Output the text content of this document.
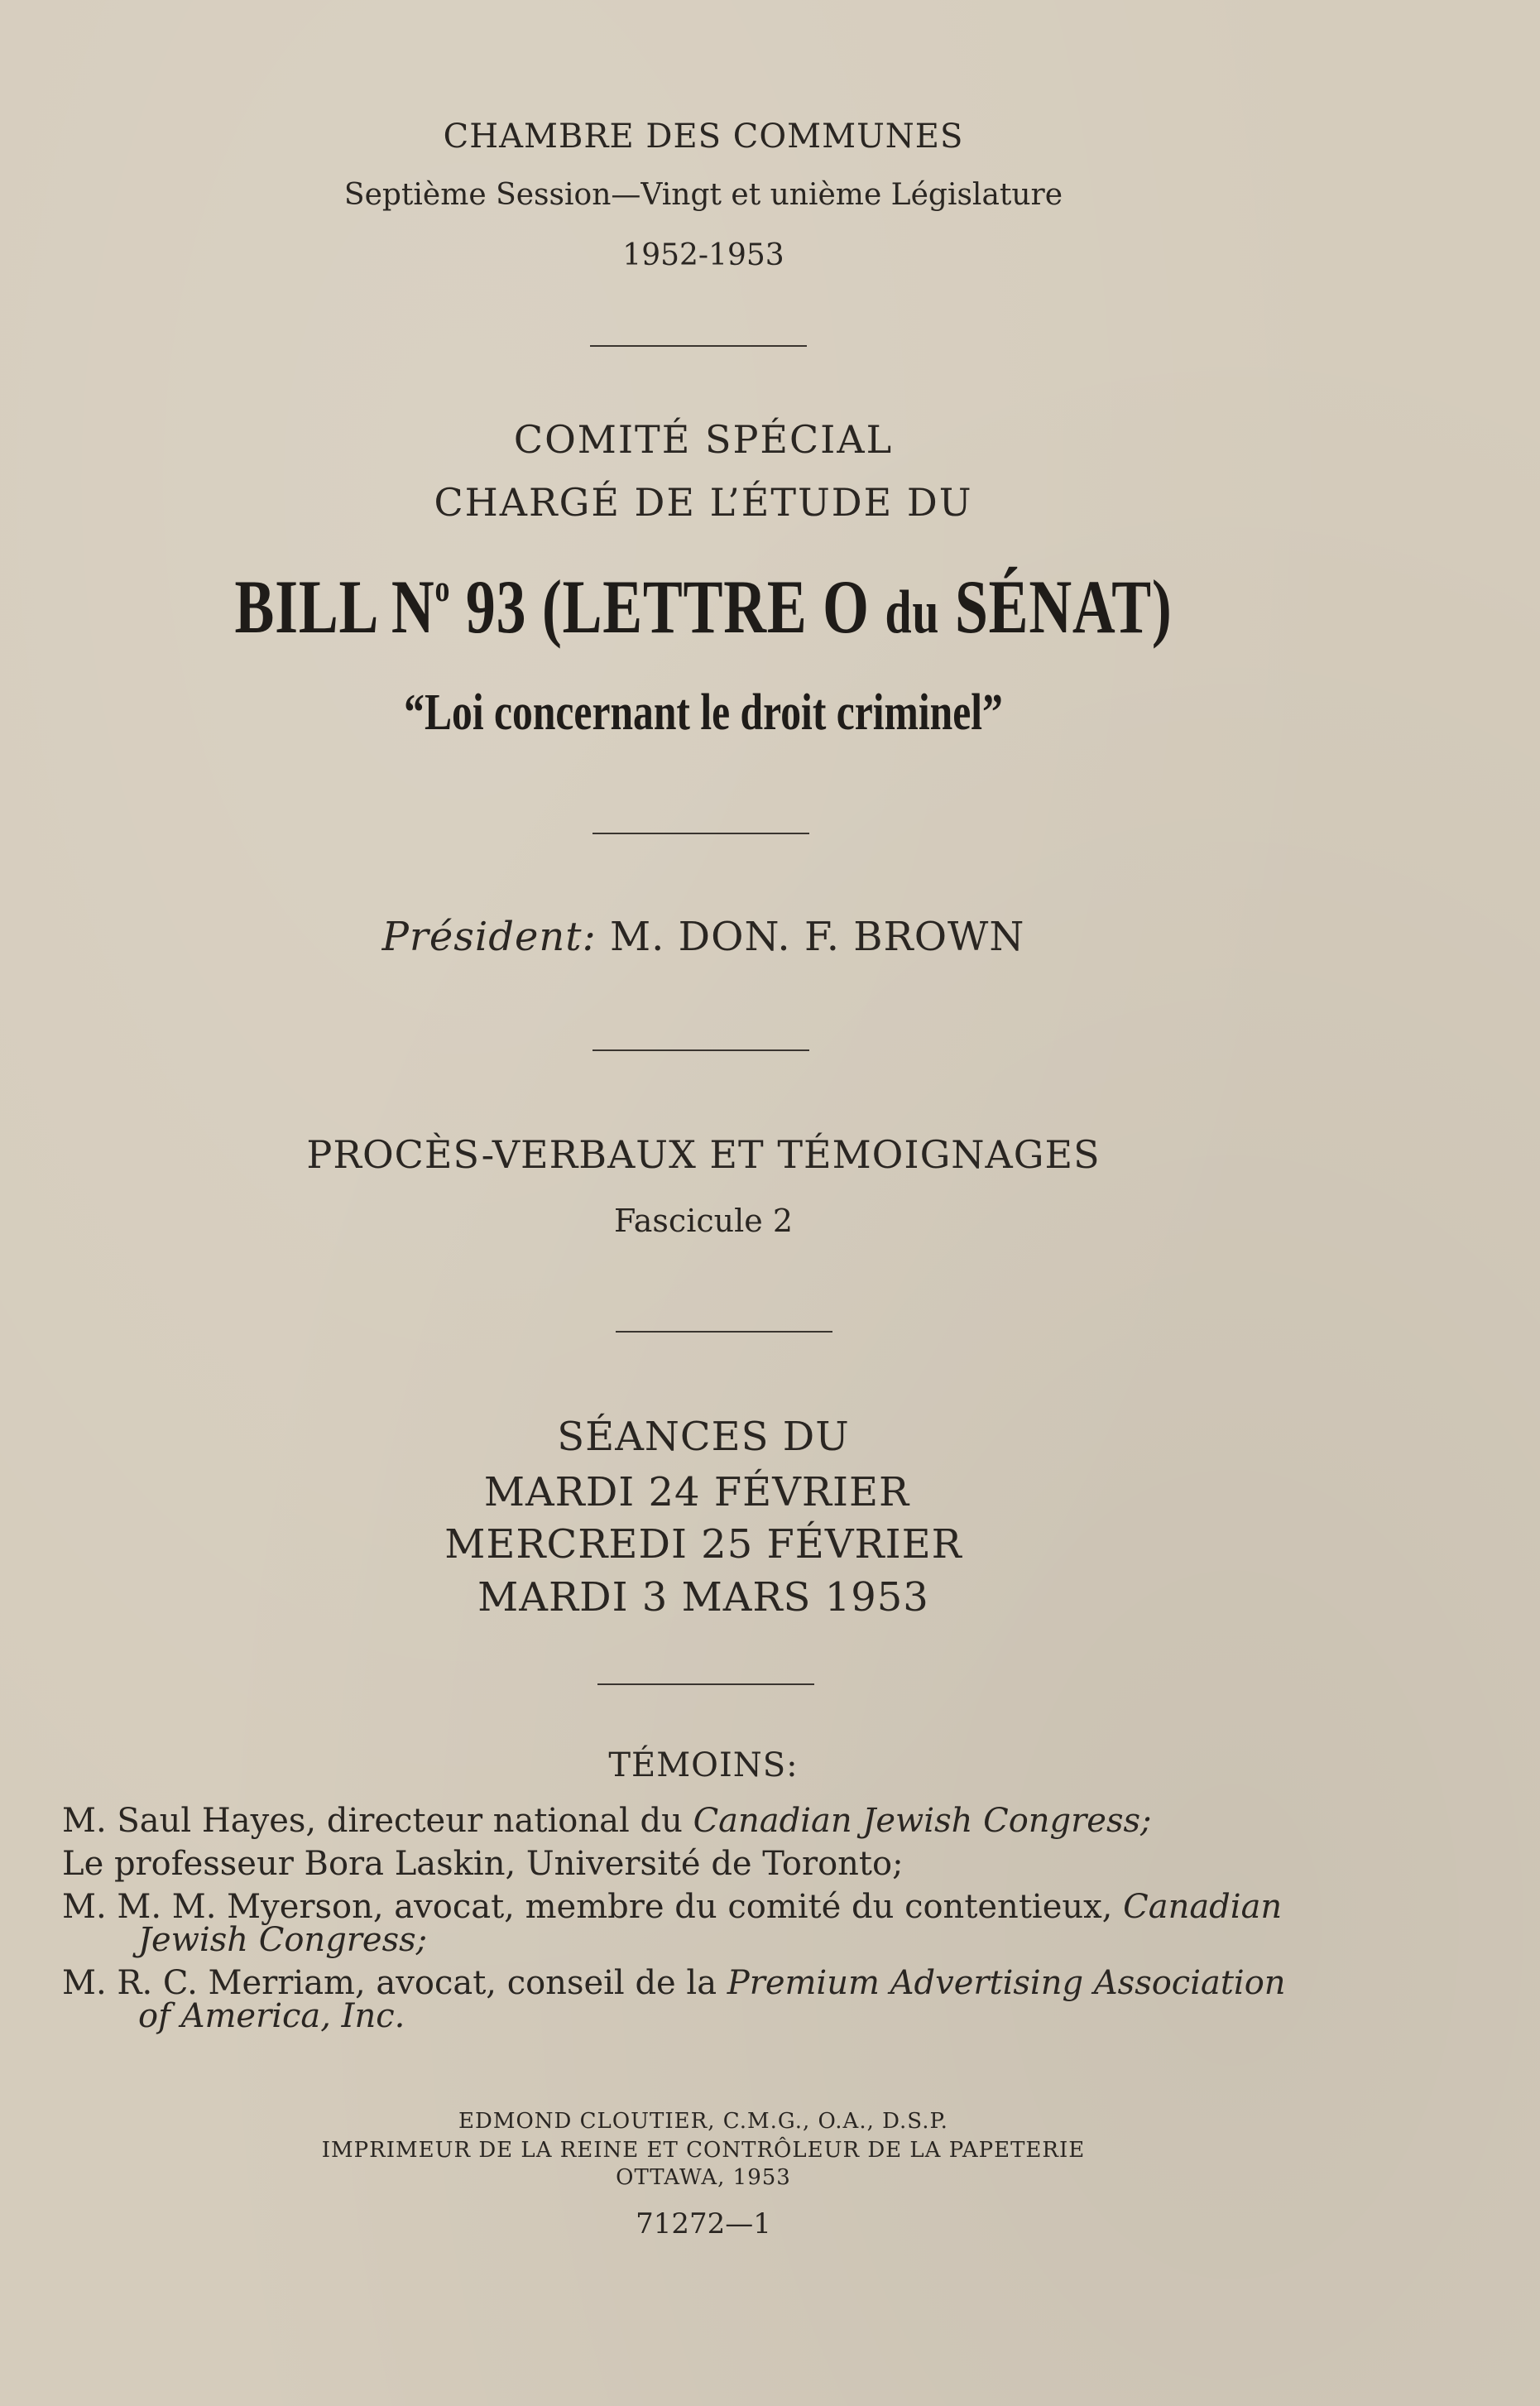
CHAMBRE DES COMMUNES
Septième Session—Vingt et unième Législature
1952-1953
COMITÉ SPÉCIAL
CHARGÉ DE L’ÉTUDE DU
BILL $N^o$ 93 (LETTRE O du SÉNAT)
“Loi concernant le droit criminel”
Président: M. DON. F. BROWN
PROCÈS-VERBAUX ET TÉMOIGNAGES
Fascicule 2
SÉANCES DU
MARDI 24 FÉVRIER
MERCREDI 25 FÉVRIER
MARDI 3 MARS 1953
TÉMOINS:
M. Saul Hayes, directeur national du Canadian Jewish Congress;
Le professeur Bora Laskin, Université de Toronto;
M. M. M. Myerson, avocat, membre du comité du contentieux, Canadian
Jewish Congress;
M. R. C. Merriam, avocat, conseil de la Premium Advertising Association
of America, Inc.
EDMOND CLOUTIER, C.M.G., O.A., D.S.P.
IMPRIMEUR DE LA REINE ET CONTRÔLEUR DE LA PAPETERIE
OTTAWA, 1953
71272—1
